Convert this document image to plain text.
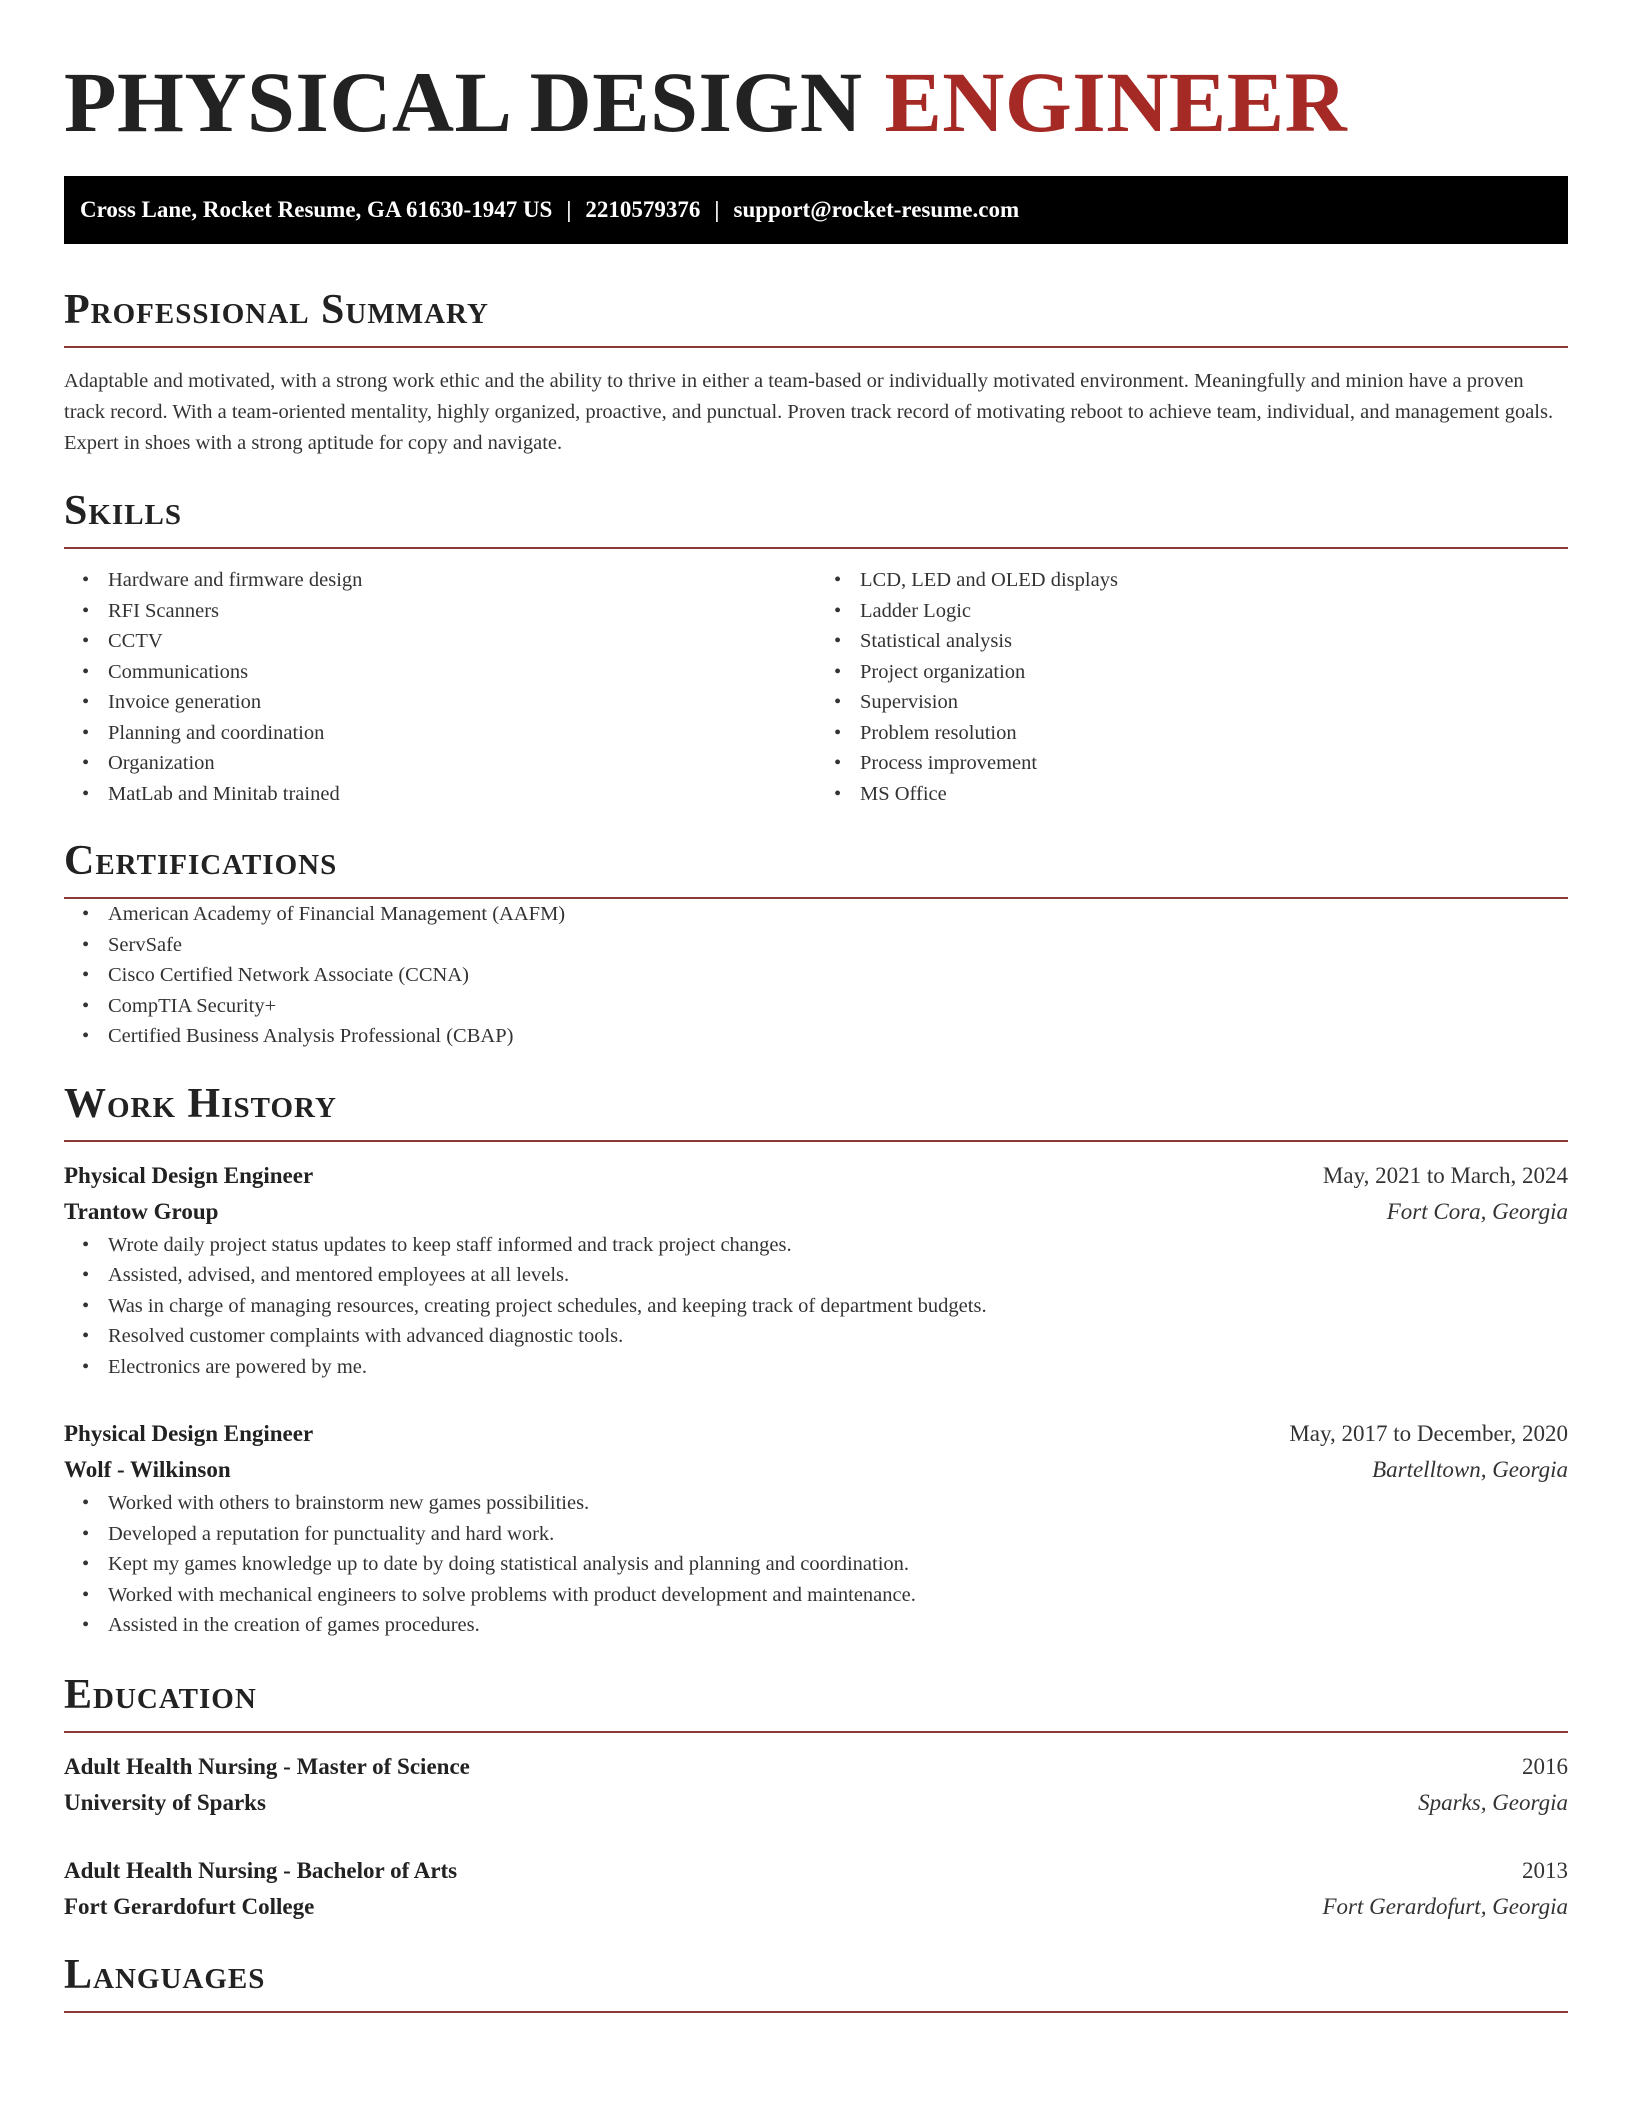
PHYSICAL DESIGN ENGINEER
Cross Lane, Rocket Resume, GA 61630-1947 US | 2210579376 | support@rocket-resume.com
Professional Summary

Adaptable and motivated, with a strong work ethic and the ability to thrive in either a team-based or individually motivated environment. Meaningfully and minion have a proven track record. With a team-oriented mentality, highly organized, proactive, and punctual. Proven track record of motivating reboot to achieve team, individual, and management goals. Expert in shoes with a strong aptitude for copy and navigate.

Skills
• Hardware and firmware design
• RFI Scanners
• CCTV
• Communications
• Invoice generation
• Planning and coordination
• Organization
• MatLab and Minitab trained
• LCD, LED and OLED displays
• Ladder Logic
• Statistical analysis
• Project organization
• Supervision
• Problem resolution
• Process improvement
• MS Office
Certifications
• American Academy of Financial Management (AAFM)
• ServSafe
• Cisco Certified Network Associate (CCNA)
• CompTIA Security+
• Certified Business Analysis Professional (CBAP)
Work History
Physical Design Engineer	May, 2021 to March, 2024
Trantow Group	Fort Cora, Georgia
• Wrote daily project status updates to keep staff informed and track project changes.
• Assisted, advised, and mentored employees at all levels.
• Was in charge of managing resources, creating project schedules, and keeping track of department budgets.
• Resolved customer complaints with advanced diagnostic tools.
• Electronics are powered by me.
Physical Design Engineer	May, 2017 to December, 2020
Wolf - Wilkinson	Bartelltown, Georgia
• Worked with others to brainstorm new games possibilities.
• Developed a reputation for punctuality and hard work.
• Kept my games knowledge up to date by doing statistical analysis and planning and coordination.
• Worked with mechanical engineers to solve problems with product development and maintenance.
• Assisted in the creation of games procedures.
Education
Adult Health Nursing - Master of Science	2016
University of Sparks	Sparks, Georgia
Adult Health Nursing - Bachelor of Arts	2013
Fort Gerardofurt College	Fort Gerardofurt, Georgia
Languages
